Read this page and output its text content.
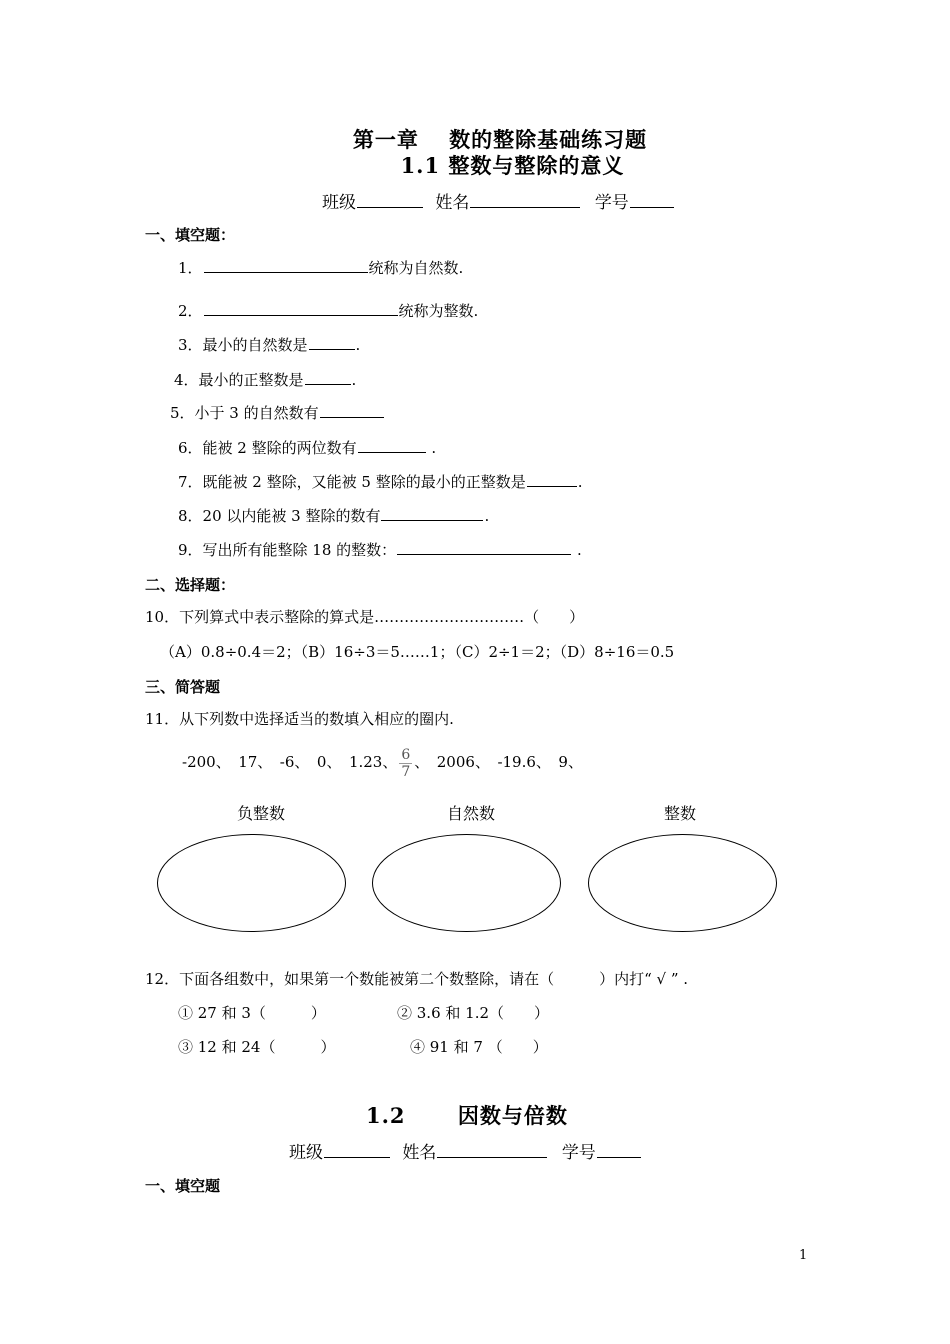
第一章　 数的整除基础练习题
1.1 整数与整除的意义
班级	姓名	学号
一、填空题：
1．	统称为自然数.
2．	统称为整数.
3．最小的自然数是	.
4．最小的正整数是	.
5．小于 3 的自然数有
6．能被 2 整除的两位数有	.
7．既能被 2 整除，又能被 5 整除的最小的正整数是	.
8．20 以内能被 3 整除的数有	.
9．写出所有能整除 18 的整数：	.
二、选择题：
10．下列算式中表示整除的算式是…………………………（　　）
（A）0.8÷0.4＝2；（B）16÷3＝5……1；（C）2÷1＝2；（D）8÷16＝0.5
三、简答题
11．从下列数中选择适当的数填入相应的圈内.
-200、　17、　-6、　0、　1.23、 $\frac{6}{7}$ 、　2006、　-19.6、　9、
负整数	自然数	整数
12．下面各组数中，如果第一个数能被第二个数整除，请在（　　　）内打“ √ ” .
① 27 和 3（　　　）	② 3.6 和 1.2（　　）
③ 12 和 24（　　　）	④ 91 和 7 （　　）
1.2 　　因数与倍数
班级	姓名	学号
一、填空题
1
